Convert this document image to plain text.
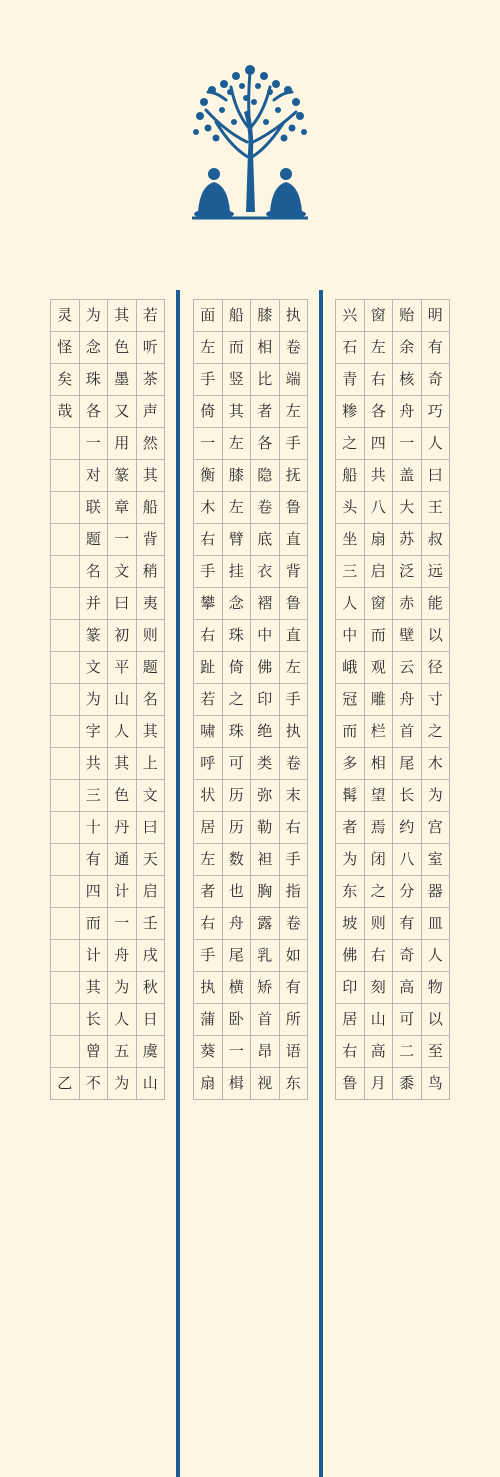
兴
石
青
糁
之
船
头
坐
三
人
中
峨
冠
而
多
髯
者
为
东
坡
佛
印
居
右
鲁
窗
左
右
各
四
共
八
扇
启
窗
而
观
雕
栏
相
望
焉
闭
之
则
右
刻
山
高
月
贻
余
核
舟
一
盖
大
苏
泛
赤
壁
云
舟
首
尾
长
约
八
分
有
奇
高
可
二
黍
明
有
奇
巧
人
曰
王
叔
远
能
以
径
寸
之
木
为
宫
室
器
皿
人
物
以
至
鸟
面
左
手
倚
一
衡
木
右
手
攀
右
趾
若
啸
呼
状
居
左
者
右
手
执
蒲
葵
扇
船
而
竖
其
左
膝
左
臂
挂
念
珠
倚
之
珠
可
历
历
数
也
舟
尾
横
卧
一
楫
膝
相
比
者
各
隐
卷
底
衣
褶
中
佛
印
绝
类
弥
勒
袒
胸
露
乳
矫
首
昂
视
执
卷
端
左
手
抚
鲁
直
背
鲁
直
左
手
执
卷
末
右
手
指
卷
如
有
所
语
东
灵
怪
矣
哉
乙
为
念
珠
各
一
对
联
题
名
并
篆
文
为
字
共
三
十
有
四
而
计
其
长
曾
不
其
色
墨
又
用
篆
章
一
文
曰
初
平
山
人
其
色
丹
通
计
一
舟
为
人
五
为
若
听
茶
声
然
其
船
背
稍
夷
则
题
名
其
上
文
曰
天
启
壬
戌
秋
日
虞
山
